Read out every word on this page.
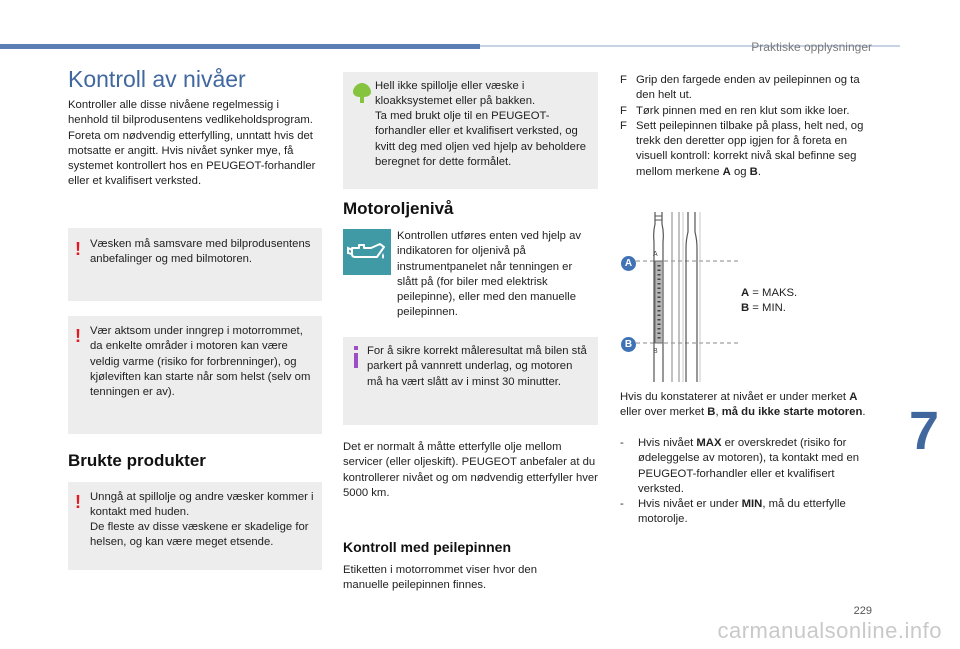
Praktiske opplysninger
Kontroll av nivåer

Kontroller alle disse nivåene regelmessig i henhold til bilprodusentens vedlikeholdsprogram. Foreta om nødvendig etterfylling, unntatt hvis det motsatte er angitt. Hvis nivået synker mye, få systemet kontrollert hos en PEUGEOT-forhandler eller et kvalifisert verksted.

! Væsken må samsvare med bilprodusentens anbefalinger og med bilmotoren.

! Vær aktsom under inngrep i motorrommet, da enkelte områder i motoren kan være veldig varme (risiko for forbrenninger), og kjøleviften kan starte når som helst (selv om tenningen er av).

Brukte produkter
! Unngå at spillolje og andre væsker kommer i kontakt med huden.

De fleste av disse væskene er skadelige for helsen, og kan være meget etsende.

Hell ikke spillolje eller væske i kloakksystemet eller på bakken.

Ta med brukt olje til en PEUGEOT-forhandler eller et kvalifisert verksted, og kvitt deg med oljen ved hjelp av beholdere beregnet for dette formålet.

Motoroljenivå

Kontrollen utføres enten ved hjelp av indikatoren for oljenivå på instrumentpanelet når tenningen er slått på (for biler med elektrisk peilepinne), eller med den manuelle peilepinnen.

For å sikre korrekt måleresultat må bilen stå parkert på vannrett underlag, og motoren må ha vært slått av i minst 30 minutter.

Det er normalt å måtte etterfylle olje mellom servicer (eller oljeskift). PEUGEOT anbefaler at du kontrollerer nivået og om nødvendig etterfyller hver 5000 km.

Kontroll med peilepinnen

Etiketten i motorrommet viser hvor den manuelle peilepinnen finnes.

F Grip den fargede enden av peilepinnen og ta den helt ut.
F Tørk pinnen med en ren klut som ikke loer.
F Sett peilepinnen tilbake på plass, helt ned, og trekk den deretter opp igjen for å foreta en visuell kontroll: korrekt nivå skal befinne seg mellom merkene A og B.
A
B
A
B
A = MAKS.
B = MIN.

Hvis du konstaterer at nivået er under merket A eller over merket B, må du ikke starte motoren.

- Hvis nivået MAX er overskredet (risiko for ødeleggelse av motoren), ta kontakt med en PEUGEOT-forhandler eller et kvalifisert verksted.
- Hvis nivået er under MIN, må du etterfylle motorolje.
7
229
carmanualsonline.info
